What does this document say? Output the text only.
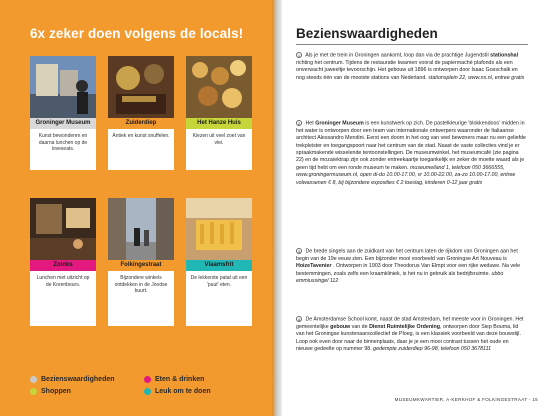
6x zeker doen volgens de locals!
Groninger Museum
Kunst bewonderen en daarna lunchen op de loveseats.
Zuiderdiep
Antiek en kunst snuffelen.
Het Hanze Huis
Kiezen uit veel zoet van vlei.
Zoinks
Lunchen met uitzicht op de Korenbeurs.
Folkingestraat
Bijzondere winkels ontdekken in de Joodse buurt.
Vlaamsfrit
De lekkerste patat uit een 'puut' eten.
Bezienswaardigheden	Eten & drinken
Shoppen	Leuk om te doen
Bezienswaardigheden
1 Als je met de trein in Groningen aankomt, loop dan via de prachtige Jugendstil stationshal richting het centrum. Tijdens de restauratie kwamen vooral de papiermaché plafonds als een onverwacht juweeltje tevoorschijn. Het gebouw uit 1896 is ontworpen door Isaac Gosschalk en nog steeds één van de mooiste stations van Nederland. stationsplein 22, www.ns.nl, entree gratis
2 Het Groninger Museum is een kunstwerk op zich. De pastelkleurige 'blokkendoos' midden in het water is ontworpen door een team van internationale ontwerpers waaronder de Italiaanse architect Alessandro Mendini. Eerst een doorn in het oog van veel bewoners maar nu een geliefde trekpleister en toegangspoort naar het centrum van de stad. Naast de vaste collecties vind je er spraakmakende wisselende tentoonstellingen. De museumwinkel, het museumcafé (zie pagina 22) en de mozaïektrap zijn ook zonder entreekaartje toegankelijk en zeker de moeite waard als je geen tijd hebt om een ronde museum te maken. museumeiland 1, telefoon 050 3666555, www.groningermuseum.nl, open di-do 10.00-17.00, vr 10.00-22.00, za-zo 10.00-17.00, entree volwassenen € 8, bij bijzondere exposities € 2 toeslag, kinderen 0-12 jaar gratis
3 De brede singels aan de zuidkant van het centrum laten de rijkdom van Groningen aan het begin van de 19e eeuw zien. Een bijzonder mooi voorbeeld van Groningse Art Nouveau is HoizeTavenier . Ontworpen in 1903 door Theodorus Van Elmpt voor een rijke weduwe. Na vele bestemmingen, zoals zelfs een kraamkliniek, is het nu in gebruik als bedrijfsruimte. ubbo emmiussingel 112
4 De Amsterdamse School komt, naast de stad Amsterdam, het meeste voor in Groningen. Het gemeentelijke gebouw van de Dienst Ruimtelijke Ordening, ontworpen door Siep Bouma, lid van het Groningse kunstenaarscollectief de Ploeg, is een klassiek voorbeeld van deze bouwstijl. Loop ook even door naar de binnenplaats, daar je je een mooi contrast tussen het oude en nieuwe gedeelte op nummer 98. gedempte zuiderdiep 96-98, telefoon 050 3678111
MUSEUMKWARTIER, A-KERKHOF & FOLKINGESTRAAT - 15
